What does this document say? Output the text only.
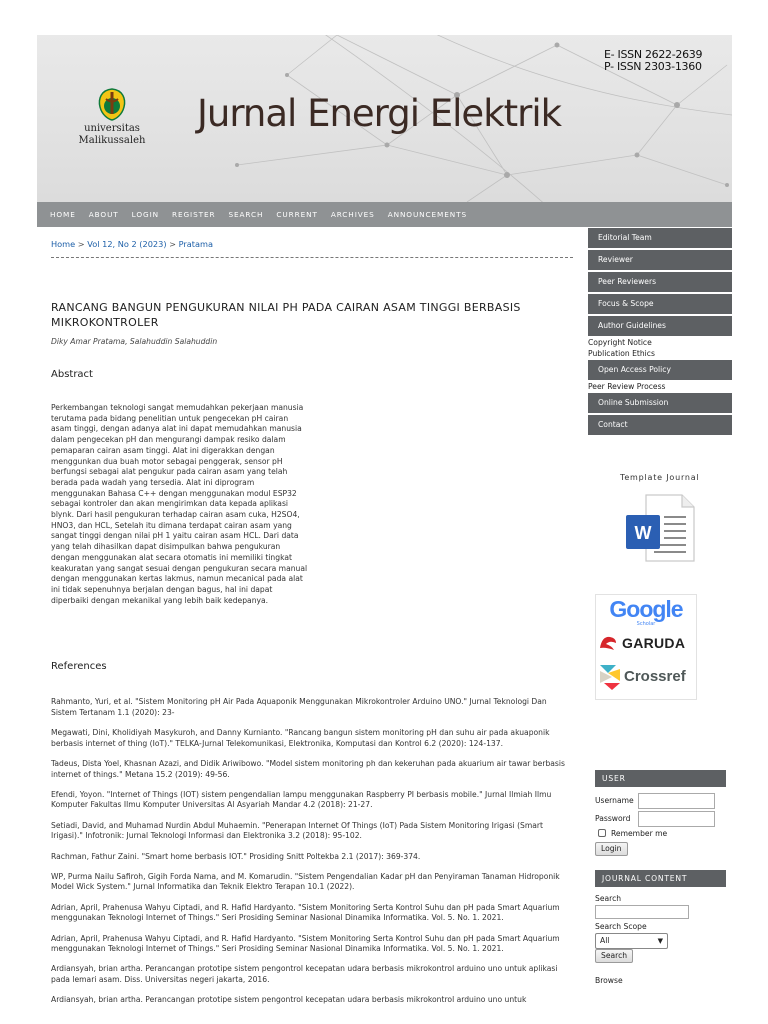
universitas
Malikussaleh
Jurnal Energi Elektrik
E- ISSN 2622-2639
P- ISSN 2303-1360
HOME ABOUT LOGIN REGISTER SEARCH CURRENT ARCHIVES ANNOUNCEMENTS
Home > Vol 12, No 2 (2023) > Pratama
RANCANG BANGUN PENGUKURAN NILAI PH PADA CAIRAN ASAM TINGGI BERBASIS MIKROKONTROLER
Diky Amar Pratama, Salahuddin Salahuddin
Abstract
Perkembangan teknologi sangat memudahkan pekerjaan manusia terutama pada bidang penelitian untuk pengecekan pH cairan asam tinggi, dengan adanya alat ini dapat memudahkan manusia dalam pengecekan pH dan mengurangi dampak resiko dalam pemaparan cairan asam tinggi. Alat ini digerakkan dengan menggunkan dua buah motor sebagai penggerak, sensor pH berfungsi sebagai alat pengukur pada cairan asam yang telah berada pada wadah yang tersedia. Alat ini diprogram menggunakan Bahasa C++ dengan menggunakan modul ESP32 sebagai kontroler dan akan mengirimkan data kepada aplikasi blynk. Dari hasil pengukuran terhadap cairan asam cuka, H2SO4, HNO3, dan HCL, Setelah itu dimana terdapat cairan asam yang sangat tinggi dengan nilai pH 1 yaitu cairan asam HCL. Dari data yang telah dihasilkan dapat disimpulkan bahwa pengukuran dengan menggunakan alat secara otomatis ini memiliki tingkat keakuratan yang sangat sesuai dengan pengukuran secara manual dengan menggunakan kertas lakmus, namun mecanical pada alat ini tidak sepenuhnya berjalan dengan bagus, hal ini dapat diperbaiki dengan mekanikal yang lebih baik kedepanya.
References
Rahmanto, Yuri, et al. "Sistem Monitoring pH Air Pada Aquaponik Menggunakan Mikrokontroler Arduino UNO." Jurnal Teknologi Dan Sistem Tertanam 1.1 (2020): 23-
Megawati, Dini, Kholidiyah Masykuroh, and Danny Kurnianto. "Rancang bangun sistem monitoring pH dan suhu air pada akuaponik berbasis internet of thing (IoT)." TELKA-Jurnal Telekomunikasi, Elektronika, Komputasi dan Kontrol 6.2 (2020): 124-137.
Tadeus, Dista Yoel, Khasnan Azazi, and Didik Ariwibowo. "Model sistem monitoring ph dan kekeruhan pada akuarium air tawar berbasis internet of things." Metana 15.2 (2019): 49-56.
Efendi, Yoyon. "Internet of Things (IOT) sistem pengendalian lampu menggunakan Raspberry PI berbasis mobile." Jurnal Ilmiah Ilmu Komputer Fakultas Ilmu Komputer Universitas Al Asyariah Mandar 4.2 (2018): 21-27.
Setiadi, David, and Muhamad Nurdin Abdul Muhaemin. "Penerapan Internet Of Things (IoT) Pada Sistem Monitoring Irigasi (Smart Irigasi)." Infotronik: Jurnal Teknologi Informasi dan Elektronika 3.2 (2018): 95-102.
Rachman, Fathur Zaini. "Smart home berbasis IOT." Prosiding Snitt Poltekba 2.1 (2017): 369-374.
WP, Purma Nailu Safiroh, Gigih Forda Nama, and M. Komarudin. "Sistem Pengendalian Kadar pH dan Penyiraman Tanaman Hidroponik Model Wick System." Jurnal Informatika dan Teknik Elektro Terapan 10.1 (2022).
Adrian, April, Prahenusa Wahyu Ciptadi, and R. Hafid Hardyanto. "Sistem Monitoring Serta Kontrol Suhu dan pH pada Smart Aquarium menggunakan Teknologi Internet of Things." Seri Prosiding Seminar Nasional Dinamika Informatika. Vol. 5. No. 1. 2021.
Adrian, April, Prahenusa Wahyu Ciptadi, and R. Hafid Hardyanto. "Sistem Monitoring Serta Kontrol Suhu dan pH pada Smart Aquarium menggunakan Teknologi Internet of Things." Seri Prosiding Seminar Nasional Dinamika Informatika. Vol. 5. No. 1. 2021.
Ardiansyah, brian artha. Perancangan prototipe sistem pengontrol kecepatan udara berbasis mikrokontrol arduino uno untuk aplikasi pada lemari asam. Diss. Universitas negeri jakarta, 2016.
Ardiansyah, brian artha. Perancangan prototipe sistem pengontrol kecepatan udara berbasis mikrokontrol arduino uno untuk
Editorial Team
Reviewer
Peer Reviewers
Focus & Scope
Author Guidelines
Copyright Notice
Publication Ethics
Open Access Policy
Peer Review Process
Online Submission
Contact
Template Journal
W
Google
Scholar
GARUDA
Crossref
USER
Username
Password
Remember me
Login
JOURNAL CONTENT
Search
Search Scope
All	▼
Search
Browse
